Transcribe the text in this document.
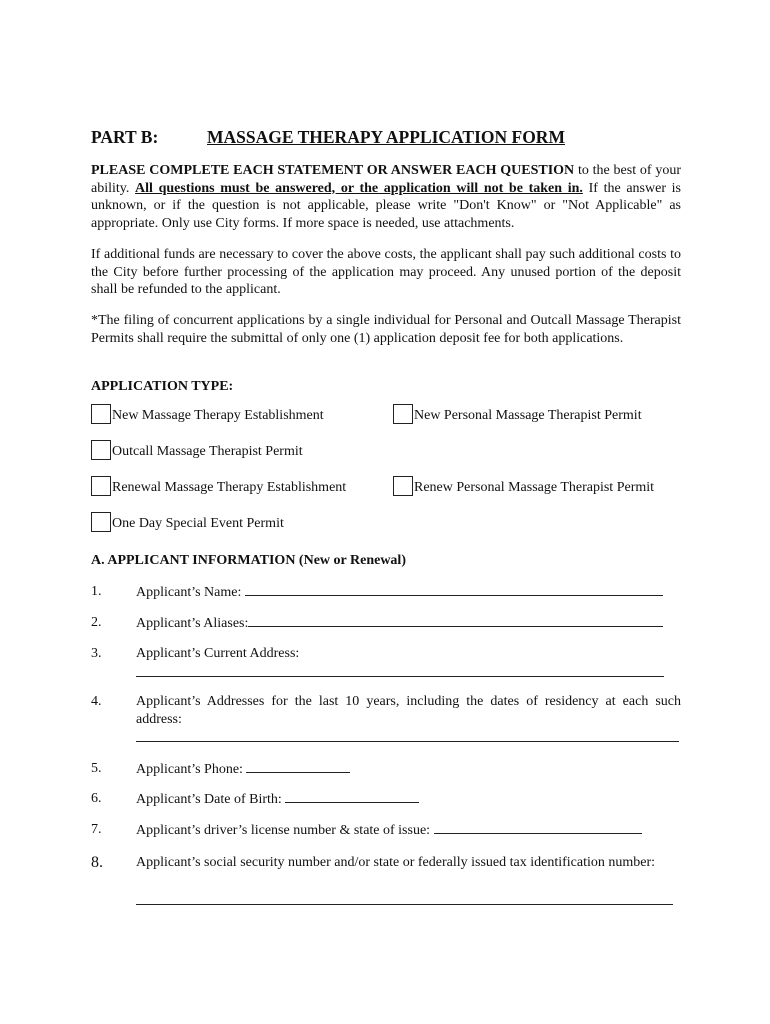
PART B:	MASSAGE THERAPY APPLICATION FORM
PLEASE COMPLETE EACH STATEMENT OR ANSWER EACH QUESTION to the best of your ability. All questions must be answered, or the application will not be taken in. If the answer is unknown, or if the question is not applicable, please write "Don't Know" or "Not Applicable" as appropriate. Only use City forms. If more space is needed, use attachments.
If additional funds are necessary to cover the above costs, the applicant shall pay such additional costs to the City before further processing of the application may proceed. Any unused portion of the deposit shall be refunded to the applicant.
*The filing of concurrent applications by a single individual for Personal and Outcall Massage Therapist Permits shall require the submittal of only one (1) application deposit fee for both applications.
APPLICATION TYPE:
New Massage Therapy Establishment	New Personal Massage Therapist Permit
Outcall Massage Therapist Permit
Renewal Massage Therapy Establishment	Renew Personal Massage Therapist Permit
One Day Special Event Permit
A. APPLICANT INFORMATION (New or Renewal)
1. Applicant’s Name:
2. Applicant’s Aliases:
3. Applicant’s Current Address:
4. Applicant’s Addresses for the last 10 years, including the dates of residency at each such address:
5. Applicant’s Phone:
6. Applicant’s Date of Birth:
7. Applicant’s driver’s license number & state of issue:
8. Applicant’s social security number and/or state or federally issued tax identification number:
